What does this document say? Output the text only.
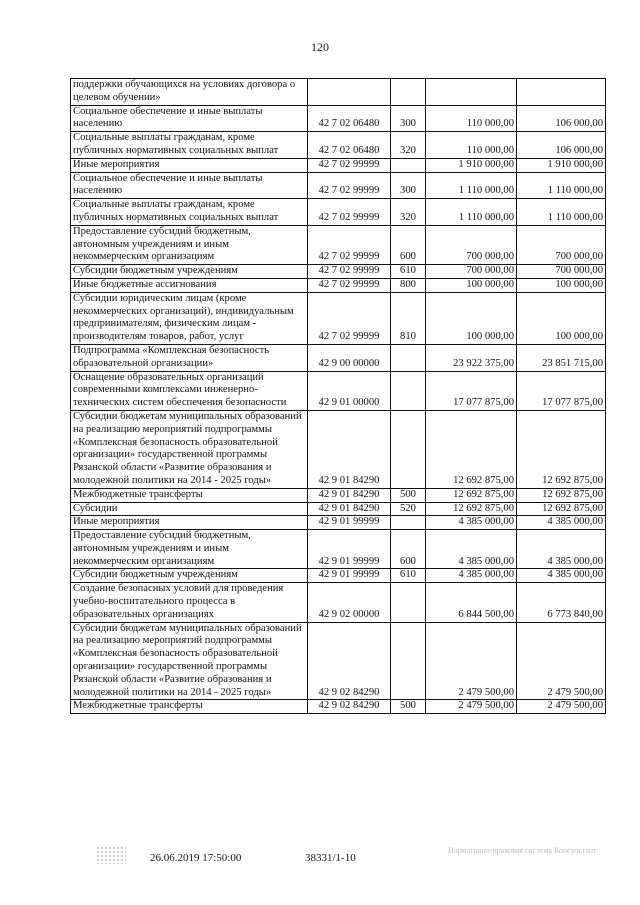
120
поддержки обучающихся на условиях договора о целевом обучении»				
Социальное обеспечение и иные выплаты населению	42 7 02 06480	300	110 000,00	106 000,00
Социальные выплаты гражданам, кроме публичных нормативных социальных выплат	42 7 02 06480	320	110 000,00	106 000,00
Иные мероприятия	42 7 02 99999		1 910 000,00	1 910 000,00
Социальное обеспечение и иные выплаты населению	42 7 02 99999	300	1 110 000,00	1 110 000,00
Социальные выплаты гражданам, кроме публичных нормативных социальных выплат	42 7 02 99999	320	1 110 000,00	1 110 000,00
Предоставление субсидий бюджетным, автономным учреждениям и иным некоммерческим организациям	42 7 02 99999	600	700 000,00	700 000,00
Субсидии бюджетным учреждениям	42 7 02 99999	610	700 000,00	700 000,00
Иные бюджетные ассигнования	42 7 02 99999	800	100 000,00	100 000,00
Субсидии юридическим лицам (кроме некоммерческих организаций), индивидуальным предпринимателям, физическим лицам - производителям товаров, работ, услуг	42 7 02 99999	810	100 000,00	100 000,00
Подпрограмма «Комплексная безопасность образовательной организации»	42 9 00 00000		23 922 375,00	23 851 715,00
Оснащение образовательных организаций современными комплексами инженерно-технических систем обеспечения безопасности	42 9 01 00000		17 077 875,00	17 077 875,00
Субсидии бюджетам муниципальных образований на реализацию мероприятий подпрограммы «Комплексная безопасность образовательной организации» государственной программы Рязанской области «Развитие образования и молодежной политики на 2014 - 2025 годы»	42 9 01 84290		12 692 875,00	12 692 875,00
Межбюджетные трансферты	42 9 01 84290	500	12 692 875,00	12 692 875,00
Субсидии	42 9 01 84290	520	12 692 875,00	12 692 875,00
Иные мероприятия	42 9 01 99999		4 385 000,00	4 385 000,00
Предоставление субсидий бюджетным, автономным учреждениям и иным некоммерческим организациям	42 9 01 99999	600	4 385 000,00	4 385 000,00
Субсидии бюджетным учреждениям	42 9 01 99999	610	4 385 000,00	4 385 000,00
Создание безопасных условий для проведения учебно-воспитательного процесса в образовательных организациях	42 9 02 00000		6 844 500,00	6 773 840,00
Субсидии бюджетам муниципальных образований на реализацию мероприятий подпрограммы «Комплексная безопасность образовательной организации» государственной программы Рязанской области «Развитие образования и молодежной политики на 2014 - 2025 годы»	42 9 02 84290		2 479 500,00	2 479 500,00
Межбюджетные трансферты	42 9 02 84290	500	2 479 500,00	2 479 500,00
26.06.2019 17:50:00	38331/1-10
Нормативно-правовая система Консультант
